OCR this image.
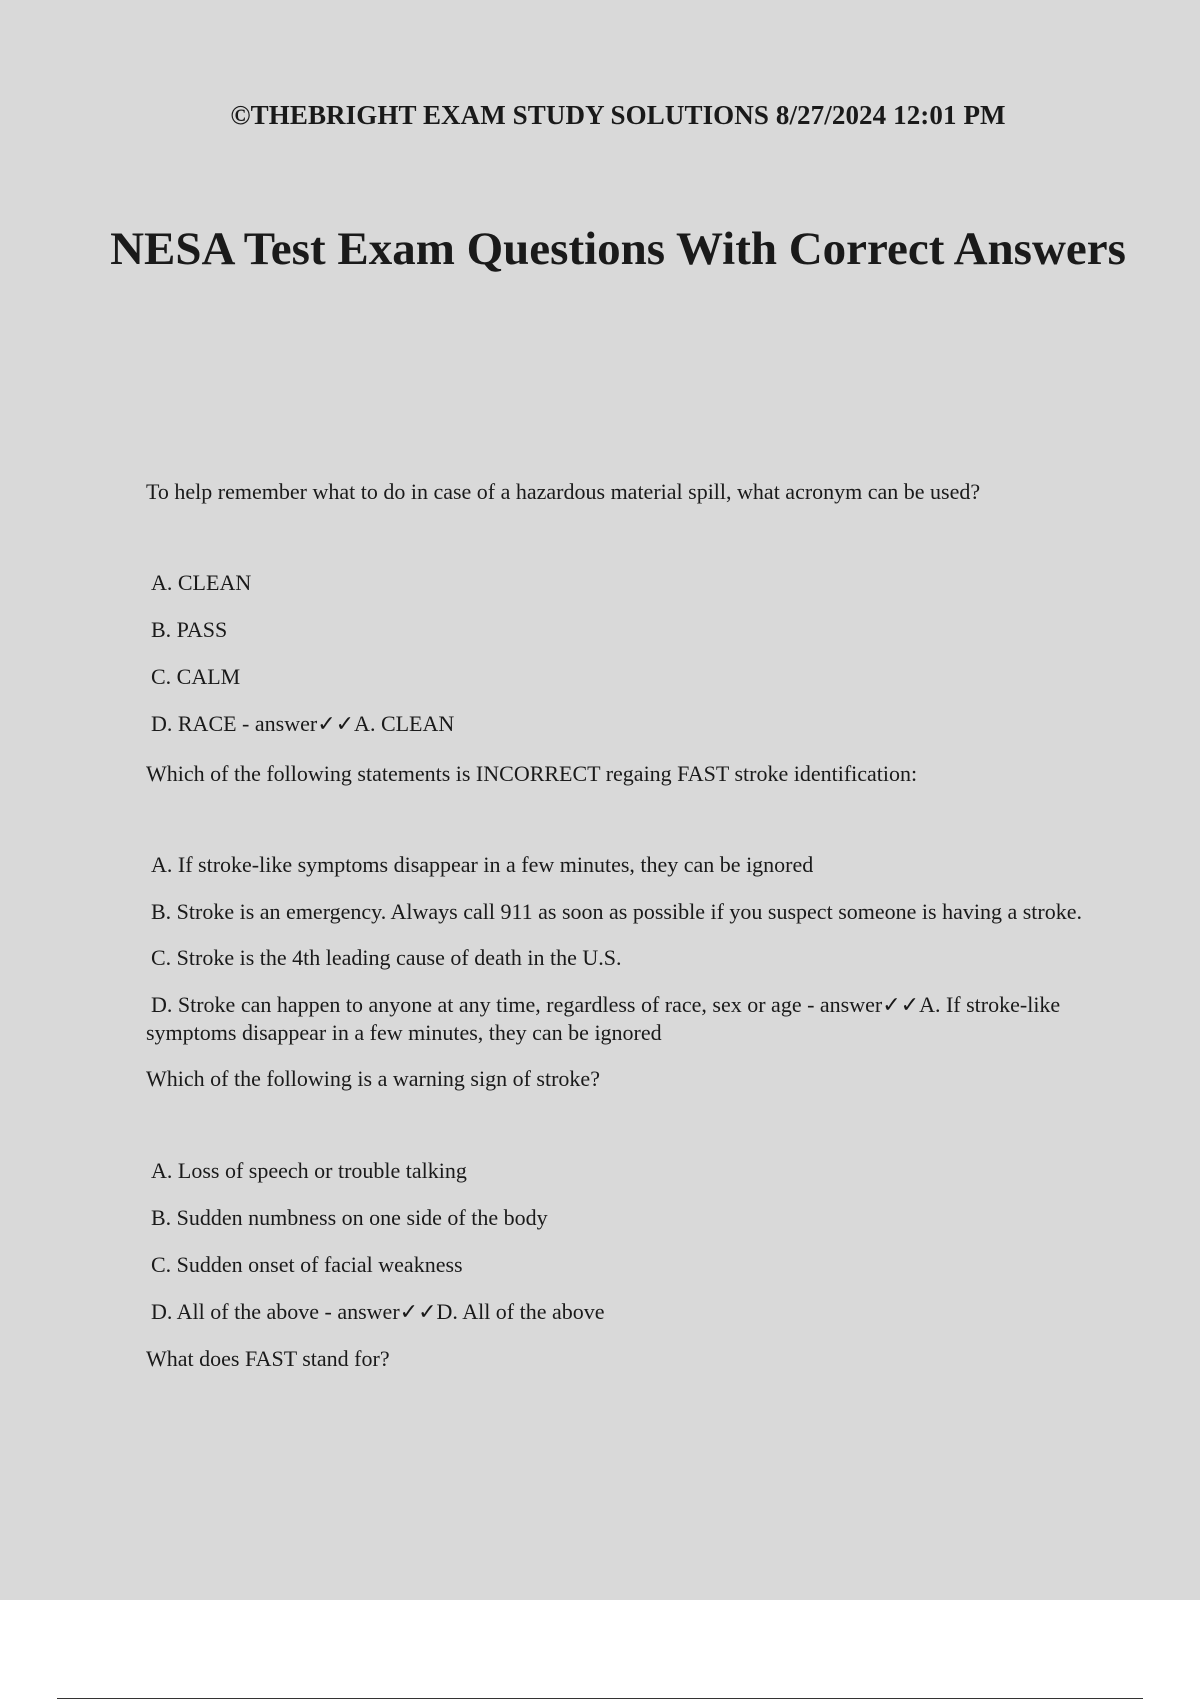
©THEBRIGHT EXAM STUDY SOLUTIONS 8/27/2024 12:01 PM
NESA Test Exam Questions With Correct Answers

To help remember what to do in case of a hazardous material spill, what acronym can be used?

A. CLEAN

B. PASS

C. CALM

D. RACE - answer✓✓A. CLEAN

Which of the following statements is INCORRECT regaing FAST stroke identification:

A. If stroke-like symptoms disappear in a few minutes, they can be ignored

B. Stroke is an emergency. Always call 911 as soon as possible if you suspect someone is having a stroke.

C. Stroke is the 4th leading cause of death in the U.S.

D. Stroke can happen to anyone at any time, regardless of race, sex or age - answer✓✓A. If stroke-like symptoms disappear in a few minutes, they can be ignored

Which of the following is a warning sign of stroke?

A. Loss of speech or trouble talking

B. Sudden numbness on one side of the body

C. Sudden onset of facial weakness

D. All of the above - answer✓✓D. All of the above

What does FAST stand for?
